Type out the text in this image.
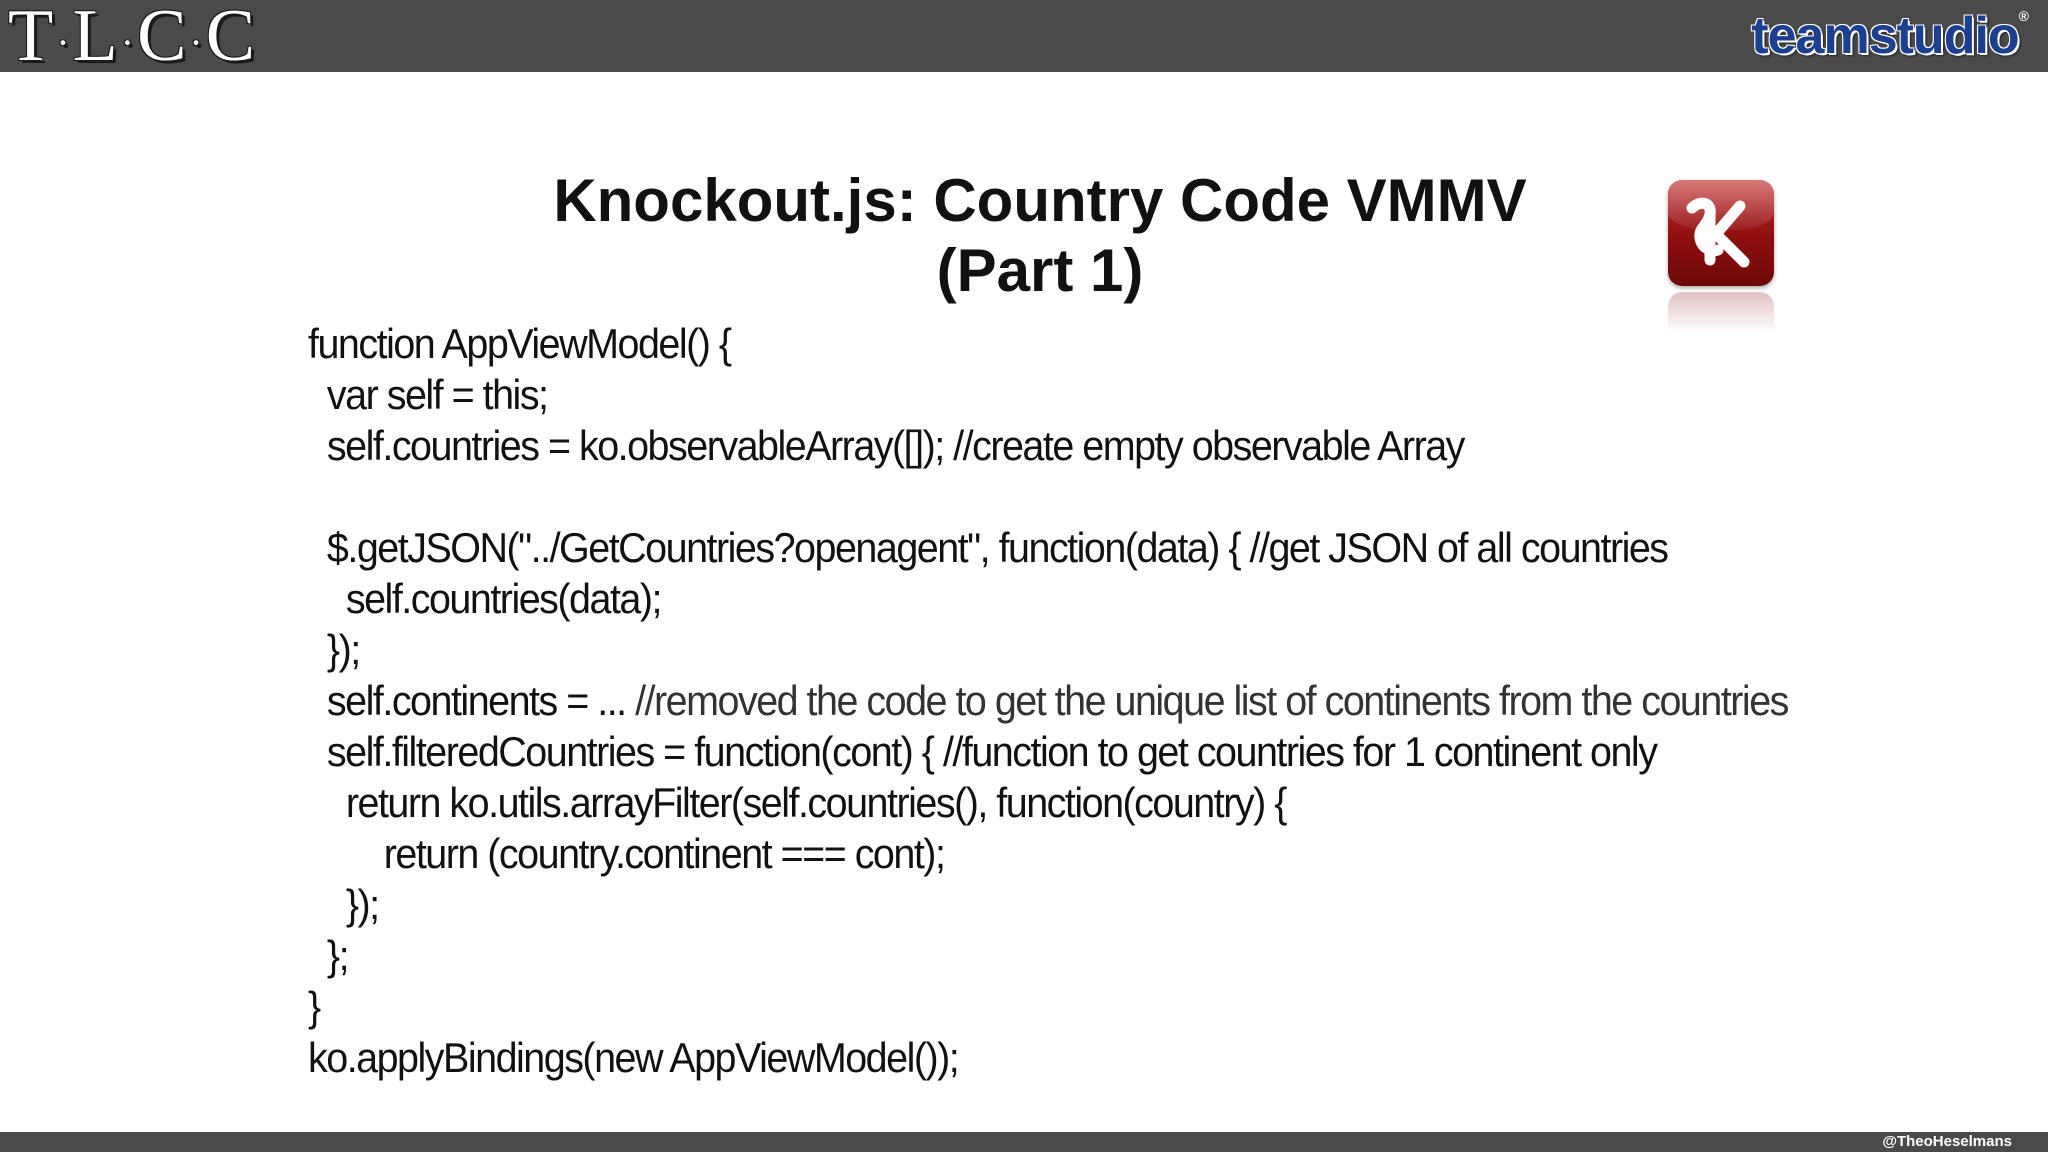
T·L·C·C	teamstudio®
Knockout.js: Country Code VMMV
(Part 1)
function AppViewModel() {
var self = this;
self.countries = ko.observableArray([]); //create empty observable Array

$.getJSON("../GetCountries?openagent", function(data) { //get JSON of all countries
self.countries(data);
});
self.continents = ... //removed the code to get the unique list of continents from the countries
self.filteredCountries = function(cont) { //function to get countries for 1 continent only
return ko.utils.arrayFilter(self.countries(), function(country) {
return (country.continent === cont);
});
};
}
ko.applyBindings(new AppViewModel());
@TheoHeselmans
